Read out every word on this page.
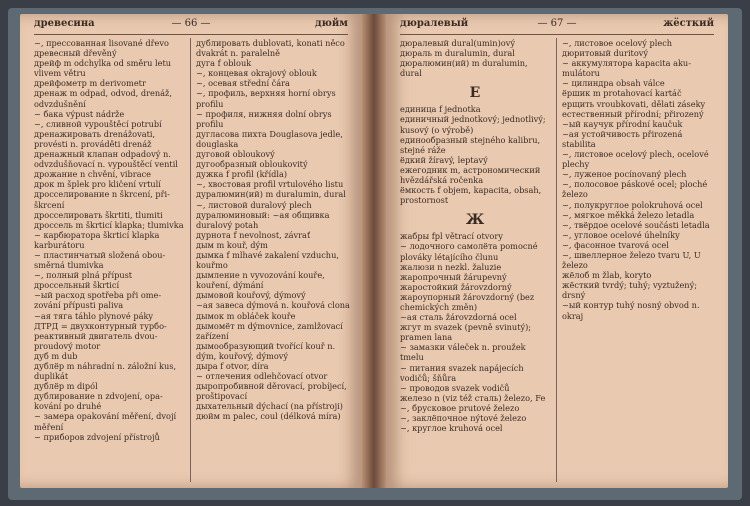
древесина	— 66 —	дюйм

~, прессованная lisované dřevo

древесный dřevěný

дрейф m odchylka od směru letu vlivem větru

дрейфометр m derivometr

дренаж m odpad, odvod, drenáž, odvzdušnění

~ бака výpust nádrže

~, сливной vypouštěcí potrubí

дренажировать drenážovati, provésti n. prováděti drenáž

дренажный клапан odpadový n. odvzdušňovací n. vypouštěcí ventil

дрожание n chvění, vibrace

дрок m šplek pro kličení vrtulí

дросселирование n škrcení, přiškrcení

дросселировать škrtiti, tlumiti

дроссель m škrticí klapka; tlumivka

~ карбюратора škrticí klapka karburátoru

~ пластинчатый složená obousměrná tlumivka

~, полный plná přípust

дроссельный škrticí

~ый расход spotřeba při omezování přípusti paliva

~ая тяга táhlo plynové páky

ДТРД = двухконтурный турбореактивный двигатель dvouproudový motor

дуб m dub

дублёр m náhradní n. záložní kus, duplikát

дублёр m dipól

дублирование n zdvojení, opakování po druhé

~ замера opakování měření, dvojí měření

~ приборов zdvojení přístrojů

дублировать dublovati, konati něco dvakrát n. paralelně

дуга f oblouk

~, концевая okrajový oblouk

~, осевая střední čára

~, профиль, верхняя horní obrys profilu

~ профиля, нижняя dolní obrys profilu

дугласова пихта Douglasova jedle, douglaska

дуговой obloukový

дугообразный obloukovitý

дужка f profil (křídla)

~, хвостовая profil vrtulového listu

дуралюмин(ий) m duralumin, dural

~, листовой duralový plech

дуралюминовый: ~ая общивка duralový potah

дурнота f nevolnost, závrať

дым m kouř, dým

дымка f mlhavé zakalení vzduchu, kouřmo

дымление n vyvozování kouře, kouření, dýmání

дымовой kouřový, dýmový

~ая завеса dýmová n. kouřová clona

дымок m obláček kouře

дымомёт m dýmovnice, zamlžovací zařízení

дымообразующий tvořící kouř n. dým, kouřový, dýmový

дыра f otvor, díra

~ отлечения odlehčovací otvor

дыропробивной děrovací, probíjecí, proštipovací

дыхательный dýchací (na přístroji)

дюйм m palec, coul (délková míra)

дюралевый	— 67 —	жёсткий

дюралевый dural(umin)ový

дюраль m duralumin, dural

дюралюмин(ий) m duralumin, dural

Е

единица f jednotka

единичный jednotkový; jednotlivý; kusový (o výrobě)

единообразный stejného kalibru, stejné ráže

ёдкий žíravý, leptavý

ежегодник m, астрономический hvězdářská ročenka

ёмкость f objem, kapacita, obsah, prostornost

Ж

жабры fpl větrací otvory

~ лодочного самолёта pomocné plováky létajícího člunu

жалюзи n nezkl. žaluzie

жаропрочный žárupevný

жаростойкий žárovzdorný

жароупорный žárovzdorný (bez chemických změn)

~ая сталь žárovzdorná ocel

жгут m svazek (pevně svinutý); pramen lana

~ замазки váleček n. proužek tmelu

~ питания svazek napájecích vodičů; šňůra

~ проводов svazek vodičů

железо n (viz též сталь) železo, Fe

~, брусковое prutové železo

~, заклёпочное nýtové železo

~, круглое kruhová ocel

~, листовое ocelový plech

дюритовый duritový

~ аккумулятора kapacita akumulátoru

~ цилиндра obsah válce

ёршик m protahovací kartáč

ерщить vroubkovati, dělati záseky

естественный přírodní; přirozený

~ый каучук přírodní kaučuk

~ая устойчивость přirozená stabilita

~, листовое ocelový plech, ocelové plechy

~, луженое pocínovaný plech

~, полосовое páskové ocel; ploché železo

~, полукруглое polokruhová ocel

~, мягкое měkká železo letadla

~, твёрдое ocelové součásti letadla

~, угловое ocelové úhelníky

~, фасонное tvarová ocel

~, швеллерное železo tvaru U, U železo

жёлоб m žlab, koryto

жёсткий tvrdý; tuhý; vyztužený; drsný

~ый контур tuhý nosný obvod n. okraj
